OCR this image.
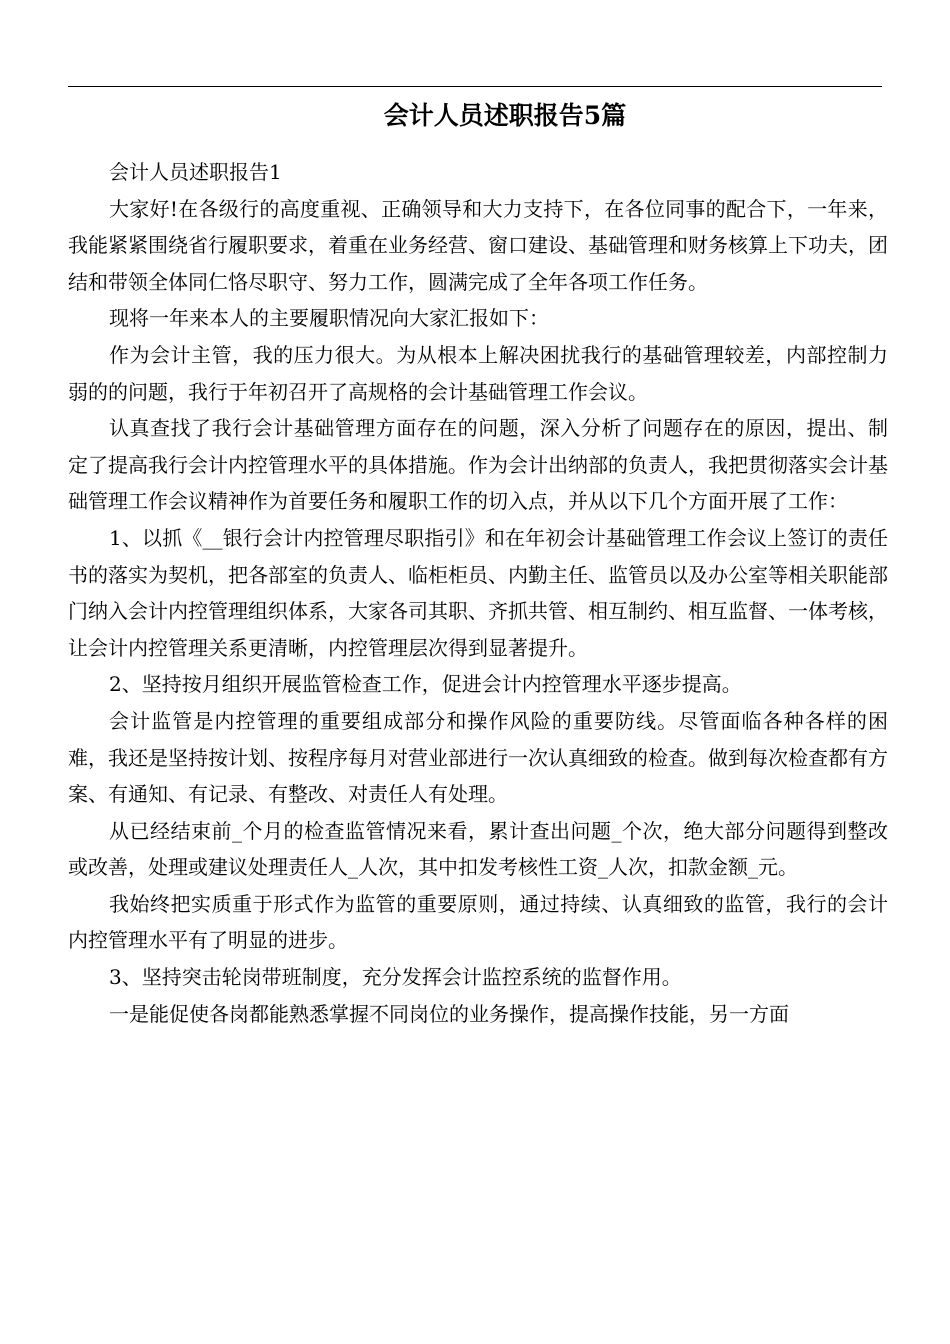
会计人员述职报告5篇

会计人员述职报告1

大家好!在各级行的高度重视、正确领导和大力支持下，在各位同事的配合下，一年来，我能紧紧围绕省行履职要求，着重在业务经营、窗口建设、基础管理和财务核算上下功夫，团结和带领全体同仁恪尽职守、努力工作，圆满完成了全年各项工作任务。

现将一年来本人的主要履职情况向大家汇报如下：

作为会计主管，我的压力很大。为从根本上解决困扰我行的基础管理较差，内部控制力弱的的问题，我行于年初召开了高规格的会计基础管理工作会议。

认真查找了我行会计基础管理方面存在的问题，深入分析了问题存在的原因，提出、制定了提高我行会计内控管理水平的具体措施。作为会计出纳部的负责人，我把贯彻落实会计基础管理工作会议精神作为首要任务和履职工作的切入点，并从以下几个方面开展了工作：

1、以抓《__银行会计内控管理尽职指引》和在年初会计基础管理工作会议上签订的责任书的落实为契机，把各部室的负责人、临柜柜员、内勤主任、监管员以及办公室等相关职能部门纳入会计内控管理组织体系，大家各司其职、齐抓共管、相互制约、相互监督、一体考核，让会计内控管理关系更清晰，内控管理层次得到显著提升。

2、坚持按月组织开展监管检查工作，促进会计内控管理水平逐步提高。

会计监管是内控管理的重要组成部分和操作风险的重要防线。尽管面临各种各样的困难，我还是坚持按计划、按程序每月对营业部进行一次认真细致的检查。做到每次检查都有方案、有通知、有记录、有整改、对责任人有处理。

从已经结束前_个月的检查监管情况来看，累计查出问题_个次，绝大部分问题得到整改或改善，处理或建议处理责任人_人次，其中扣发考核性工资_人次，扣款金额_元。

我始终把实质重于形式作为监管的重要原则，通过持续、认真细致的监管，我行的会计内控管理水平有了明显的进步。

3、坚持突击轮岗带班制度，充分发挥会计监控系统的监督作用。

一是能促使各岗都能熟悉掌握不同岗位的业务操作，提高操作技能，另一方面
